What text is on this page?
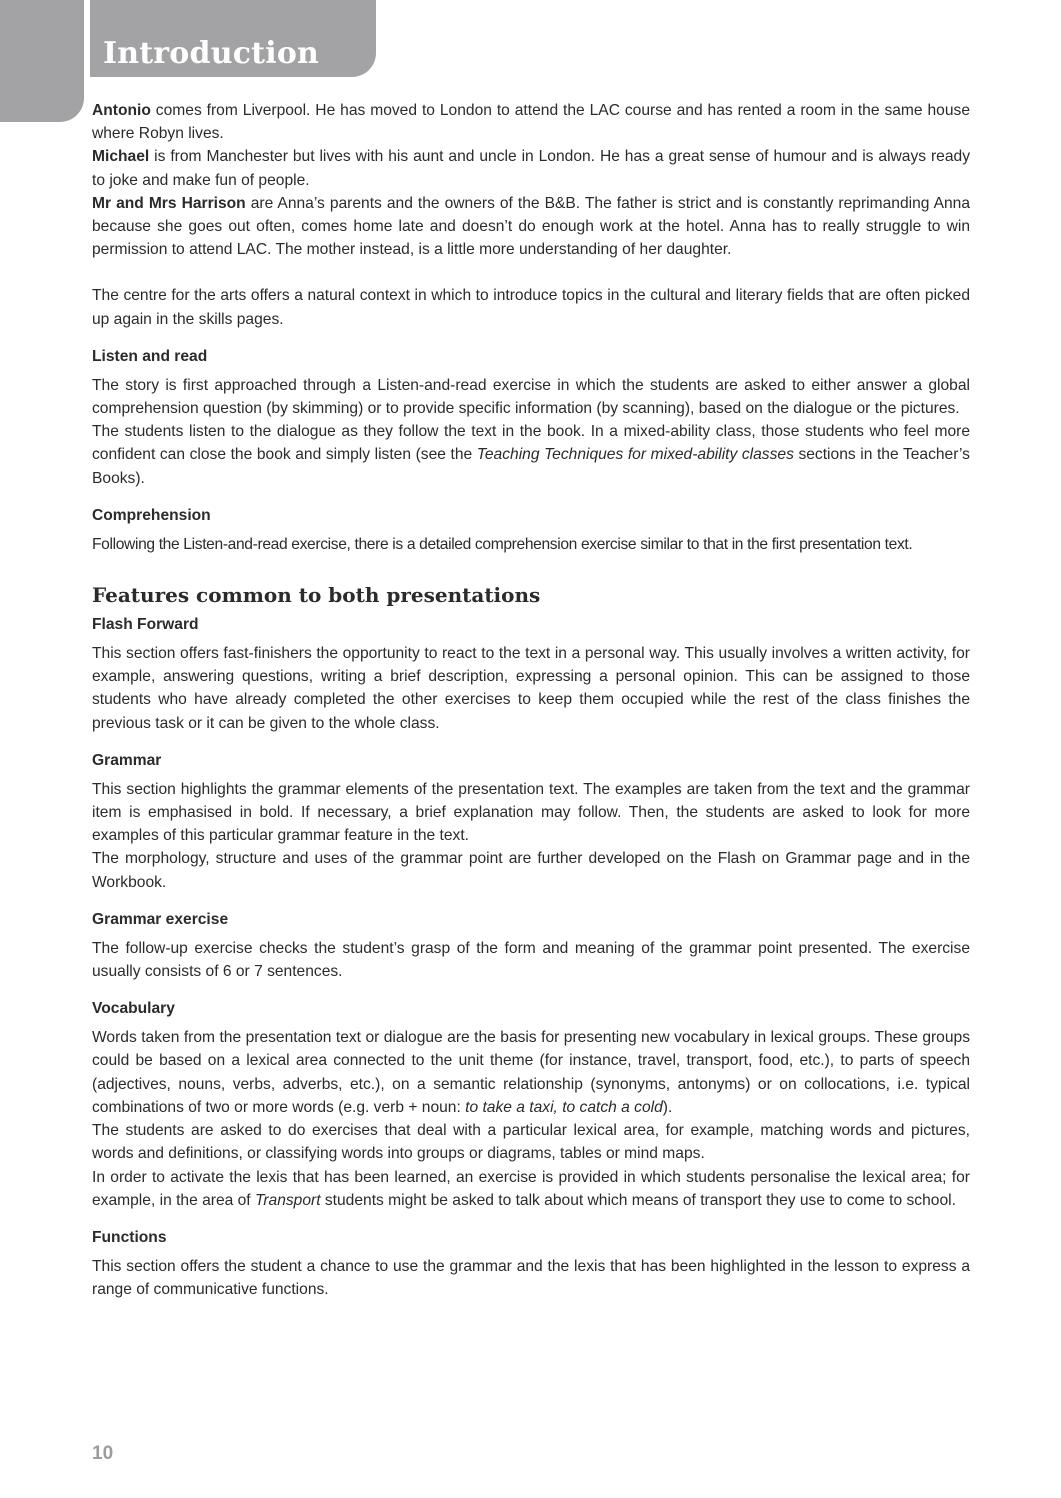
Introduction

Antonio comes from Liverpool. He has moved to London to attend the LAC course and has rented a room in the same house where Robyn lives.

Michael is from Manchester but lives with his aunt and uncle in London. He has a great sense of humour and is always ready to joke and make fun of people.

Mr and Mrs Harrison are Anna’s parents and the owners of the B&B. The father is strict and is constantly reprimanding Anna because she goes out often, comes home late and doesn’t do enough work at the hotel. Anna has to really struggle to win permission to attend LAC. The mother instead, is a little more understanding of her daughter.

The centre for the arts offers a natural context in which to introduce topics in the cultural and literary fields that are often picked up again in the skills pages.

Listen and read

The story is first approached through a Listen-and-read exercise in which the students are asked to either answer a global comprehension question (by skimming) or to provide specific information (by scanning), based on the dialogue or the pictures.

The students listen to the dialogue as they follow the text in the book. In a mixed-ability class, those students who feel more confident can close the book and simply listen (see the Teaching Techniques for mixed-ability classes sections in the Teacher’s Books).

Comprehension

Following the Listen-and-read exercise, there is a detailed comprehension exercise similar to that in the first presentation text.

Features common to both presentations
Flash Forward

This section offers fast-finishers the opportunity to react to the text in a personal way. This usually involves a written activity, for example, answering questions, writing a brief description, expressing a personal opinion. This can be assigned to those students who have already completed the other exercises to keep them occupied while the rest of the class finishes the previous task or it can be given to the whole class.

Grammar

This section highlights the grammar elements of the presentation text. The examples are taken from the text and the grammar item is emphasised in bold. If necessary, a brief explanation may follow. Then, the students are asked to look for more examples of this particular grammar feature in the text.

The morphology, structure and uses of the grammar point are further developed on the Flash on Grammar page and in the Workbook.

Grammar exercise

The follow-up exercise checks the student’s grasp of the form and meaning of the grammar point presented. The exercise usually consists of 6 or 7 sentences.

Vocabulary

Words taken from the presentation text or dialogue are the basis for presenting new vocabulary in lexical groups. These groups could be based on a lexical area connected to the unit theme (for instance, travel, transport, food, etc.), to parts of speech (adjectives, nouns, verbs, adverbs, etc.), on a semantic relationship (synonyms, antonyms) or on collocations, i.e. typical combinations of two or more words (e.g. verb + noun: to take a taxi, to catch a cold).

The students are asked to do exercises that deal with a particular lexical area, for example, matching words and pictures, words and definitions, or classifying words into groups or diagrams, tables or mind maps.

In order to activate the lexis that has been learned, an exercise is provided in which students personalise the lexical area; for example, in the area of Transport students might be asked to talk about which means of transport they use to come to school.

Functions

This section offers the student a chance to use the grammar and the lexis that has been highlighted in the lesson to express a range of communicative functions.

10
